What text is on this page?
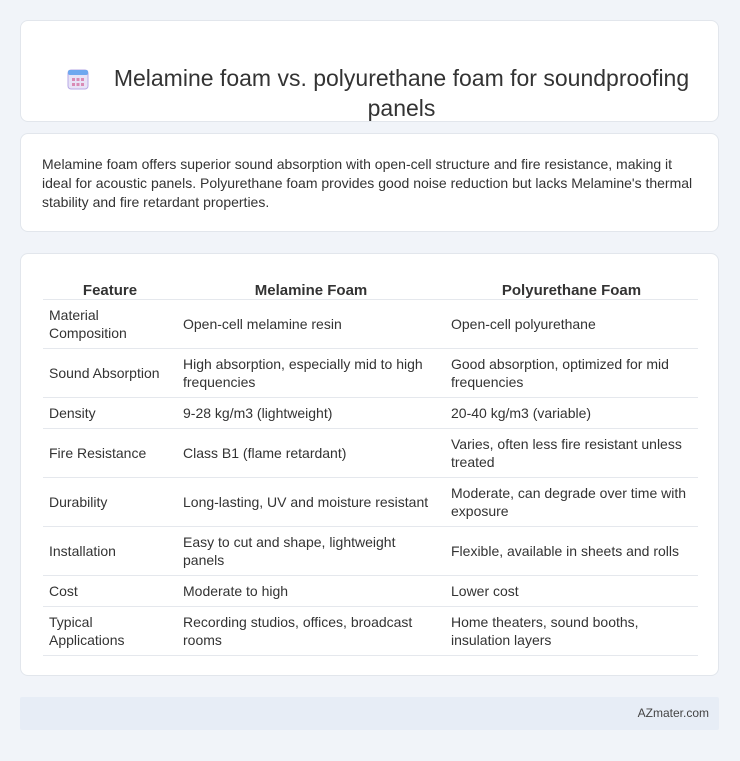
Melamine foam vs. polyurethane foam for soundproofing panels

Melamine foam offers superior sound absorption with open-cell structure and fire resistance, making it ideal for acoustic panels. Polyurethane foam provides good noise reduction but lacks Melamine's thermal stability and fire retardant properties.

Feature	Melamine Foam	Polyurethane Foam
Material Composition	Open-cell melamine resin	Open-cell polyurethane
Sound Absorption	High absorption, especially mid to high frequencies	Good absorption, optimized for mid frequencies
Density	9-28 kg/m3 (lightweight)	20-40 kg/m3 (variable)
Fire Resistance	Class B1 (flame retardant)	Varies, often less fire resistant unless treated
Durability	Long-lasting, UV and moisture resistant	Moderate, can degrade over time with exposure
Installation	Easy to cut and shape, lightweight panels	Flexible, available in sheets and rolls
Cost	Moderate to high	Lower cost
Typical Applications	Recording studios, offices, broadcast rooms	Home theaters, sound booths, insulation layers
AZmater.com
